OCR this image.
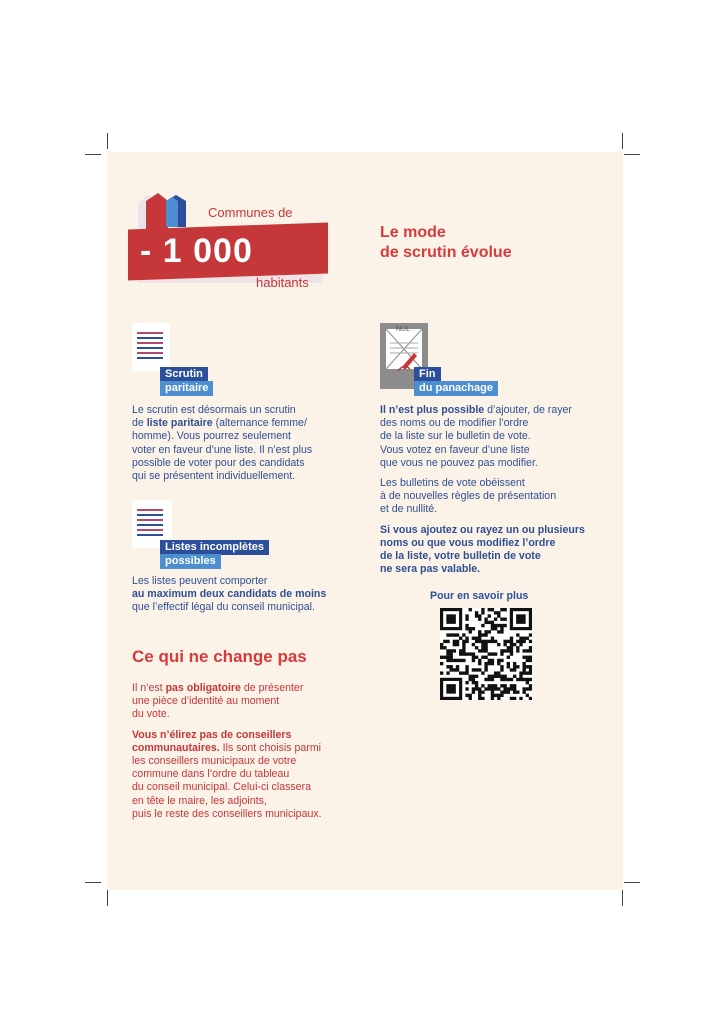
Communes de
- 1 000
habitants
Le mode
de scrutin évolue
Scrutin
paritaire
Le scrutin est désormais un scrutin
de liste paritaire (alternance femme/
homme). Vous pourrez seulement
voter en faveur d’une liste. Il n’est plus
possible de voter pour des candidats
qui se présentent individuellement.
Listes incomplètes
possibles
Les listes peuvent comporter
au maximum deux candidats de moins
que l’effectif légal du conseil municipal.
NUL
Fin
du panachage
Il n’est plus possible d’ajouter, de rayer
des noms ou de modifier l’ordre
de la liste sur le bulletin de vote.
Vous votez en faveur d’une liste
que vous ne pouvez pas modifier.
Les bulletins de vote obéissent
à de nouvelles règles de présentation
et de nullité.
Si vous ajoutez ou rayez un ou plusieurs
noms ou que vous modifiez l’ordre
de la liste, votre bulletin de vote
ne sera pas valable.
Pour en savoir plus
Ce qui ne change pas
Il n’est pas obligatoire de présenter
une pièce d’identité au moment
du vote.
Vous n’élirez pas de conseillers
communautaires. Ils sont choisis parmi
les conseillers municipaux de votre
commune dans l’ordre du tableau
du conseil municipal. Celui-ci classera
en tête le maire, les adjoints,
puis le reste des conseillers municipaux.
